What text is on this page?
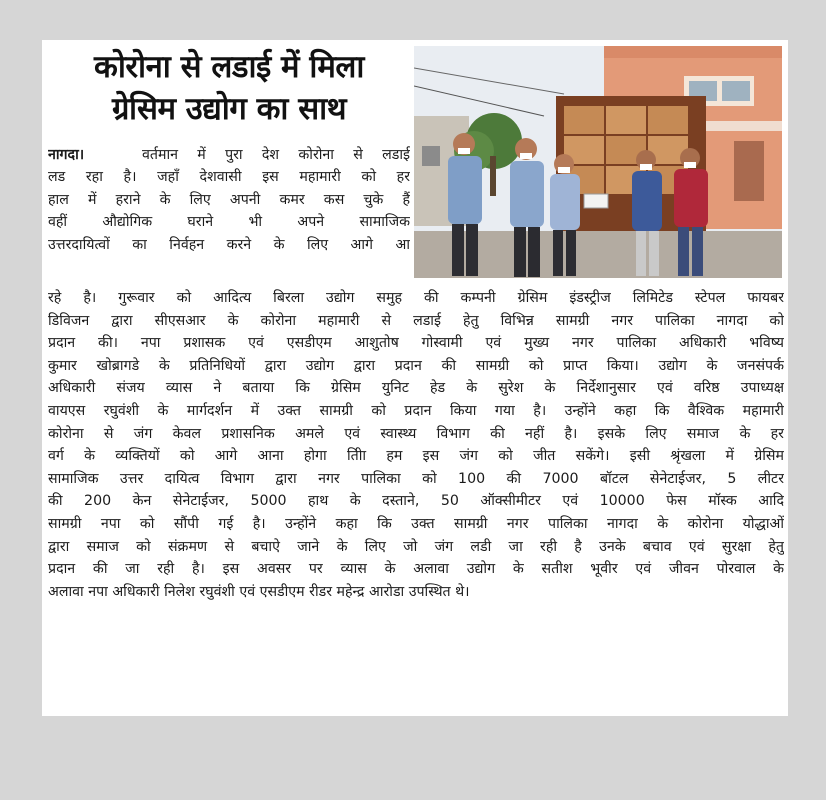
कोरोना से लडाई में मिला
ग्रेसिम उद्योग का साथ
नागदा।	वर्तमान में पुरा देश कोरोना से लडाई
लड रहा है। जहॉं देशवासी इस महामारी को हर
हाल में हराने के लिए अपनी कमर कस चुके हैं
वहीं औद्योगिक घराने भी अपने सामाजिक
उत्तरदायित्वों का निर्वहन करने के लिए आगे आ
रहे है। गुरूवार को आदित्य बिरला उद्योग समुह की कम्पनी ग्रेसिम इंडस्ट्रीज लिमिटेड स्टेपल फायबर
डिविजन द्वारा सीएसआर के कोरोना महामारी से लडाई हेतु विभिन्न सामग्री नगर पालिका नागदा को
प्रदान की। नपा प्रशासक एवं एसडीएम आशुतोष गोस्वामी एवं मुख्य नगर पालिका अधिकारी भविष्य
कुमार खोब्रागडे के प्रतिनिधियों द्वारा उद्योग द्वारा प्रदान की सामग्री को प्राप्त किया। उद्योग के जनसंपर्क
अधिकारी संजय व्यास ने बताया कि ग्रेसिम युनिट हेड के सुरेश के निर्देशानुसार एवं वरिष्ठ उपाध्यक्ष
वायएस रघुवंशी के मार्गदर्शन में उक्त सामग्री को प्रदान किया गया है। उन्होंने कहा कि वैश्विक महामारी
कोरोना से जंग केवल प्रशासनिक अमले एवं स्वास्थ्य विभाग की नहीं है। इसके लिए समाज के हर
वर्ग के व्यक्तियों को आगे आना होगा तीाि हम इस जंग को जीत सकेंगे। इसी श्रृंखला में ग्रेसिम
सामाजिक उत्तर दायित्व विभाग द्वारा नगर पालिका को 100 की 7000 बॉटल सेनेटाईजर, 5 लीटर
की 200 केन सेनेटाईजर, 5000 हाथ के दस्ताने, 50 ऑक्सीमीटर एवं 10000 फेस मॉस्क आदि
सामग्री नपा को सौंपी गई है। उन्होंने कहा कि उक्त सामग्री नगर पालिका नागदा के कोरोना योद्धाओं
द्वारा समाज को संक्रमण से बचाऐ जाने के लिए जो जंग लडी जा रही है उनके बचाव एवं सुरक्षा हेतु
प्रदान की जा रही है। इस अवसर पर व्यास के अलावा उद्योग के सतीश भूवीर एवं जीवन पोरवाल के
अलावा नपा अधिकारी निलेश रघुवंशी एवं एसडीएम रीडर महेन्द्र आरोडा उपस्थित थे।
